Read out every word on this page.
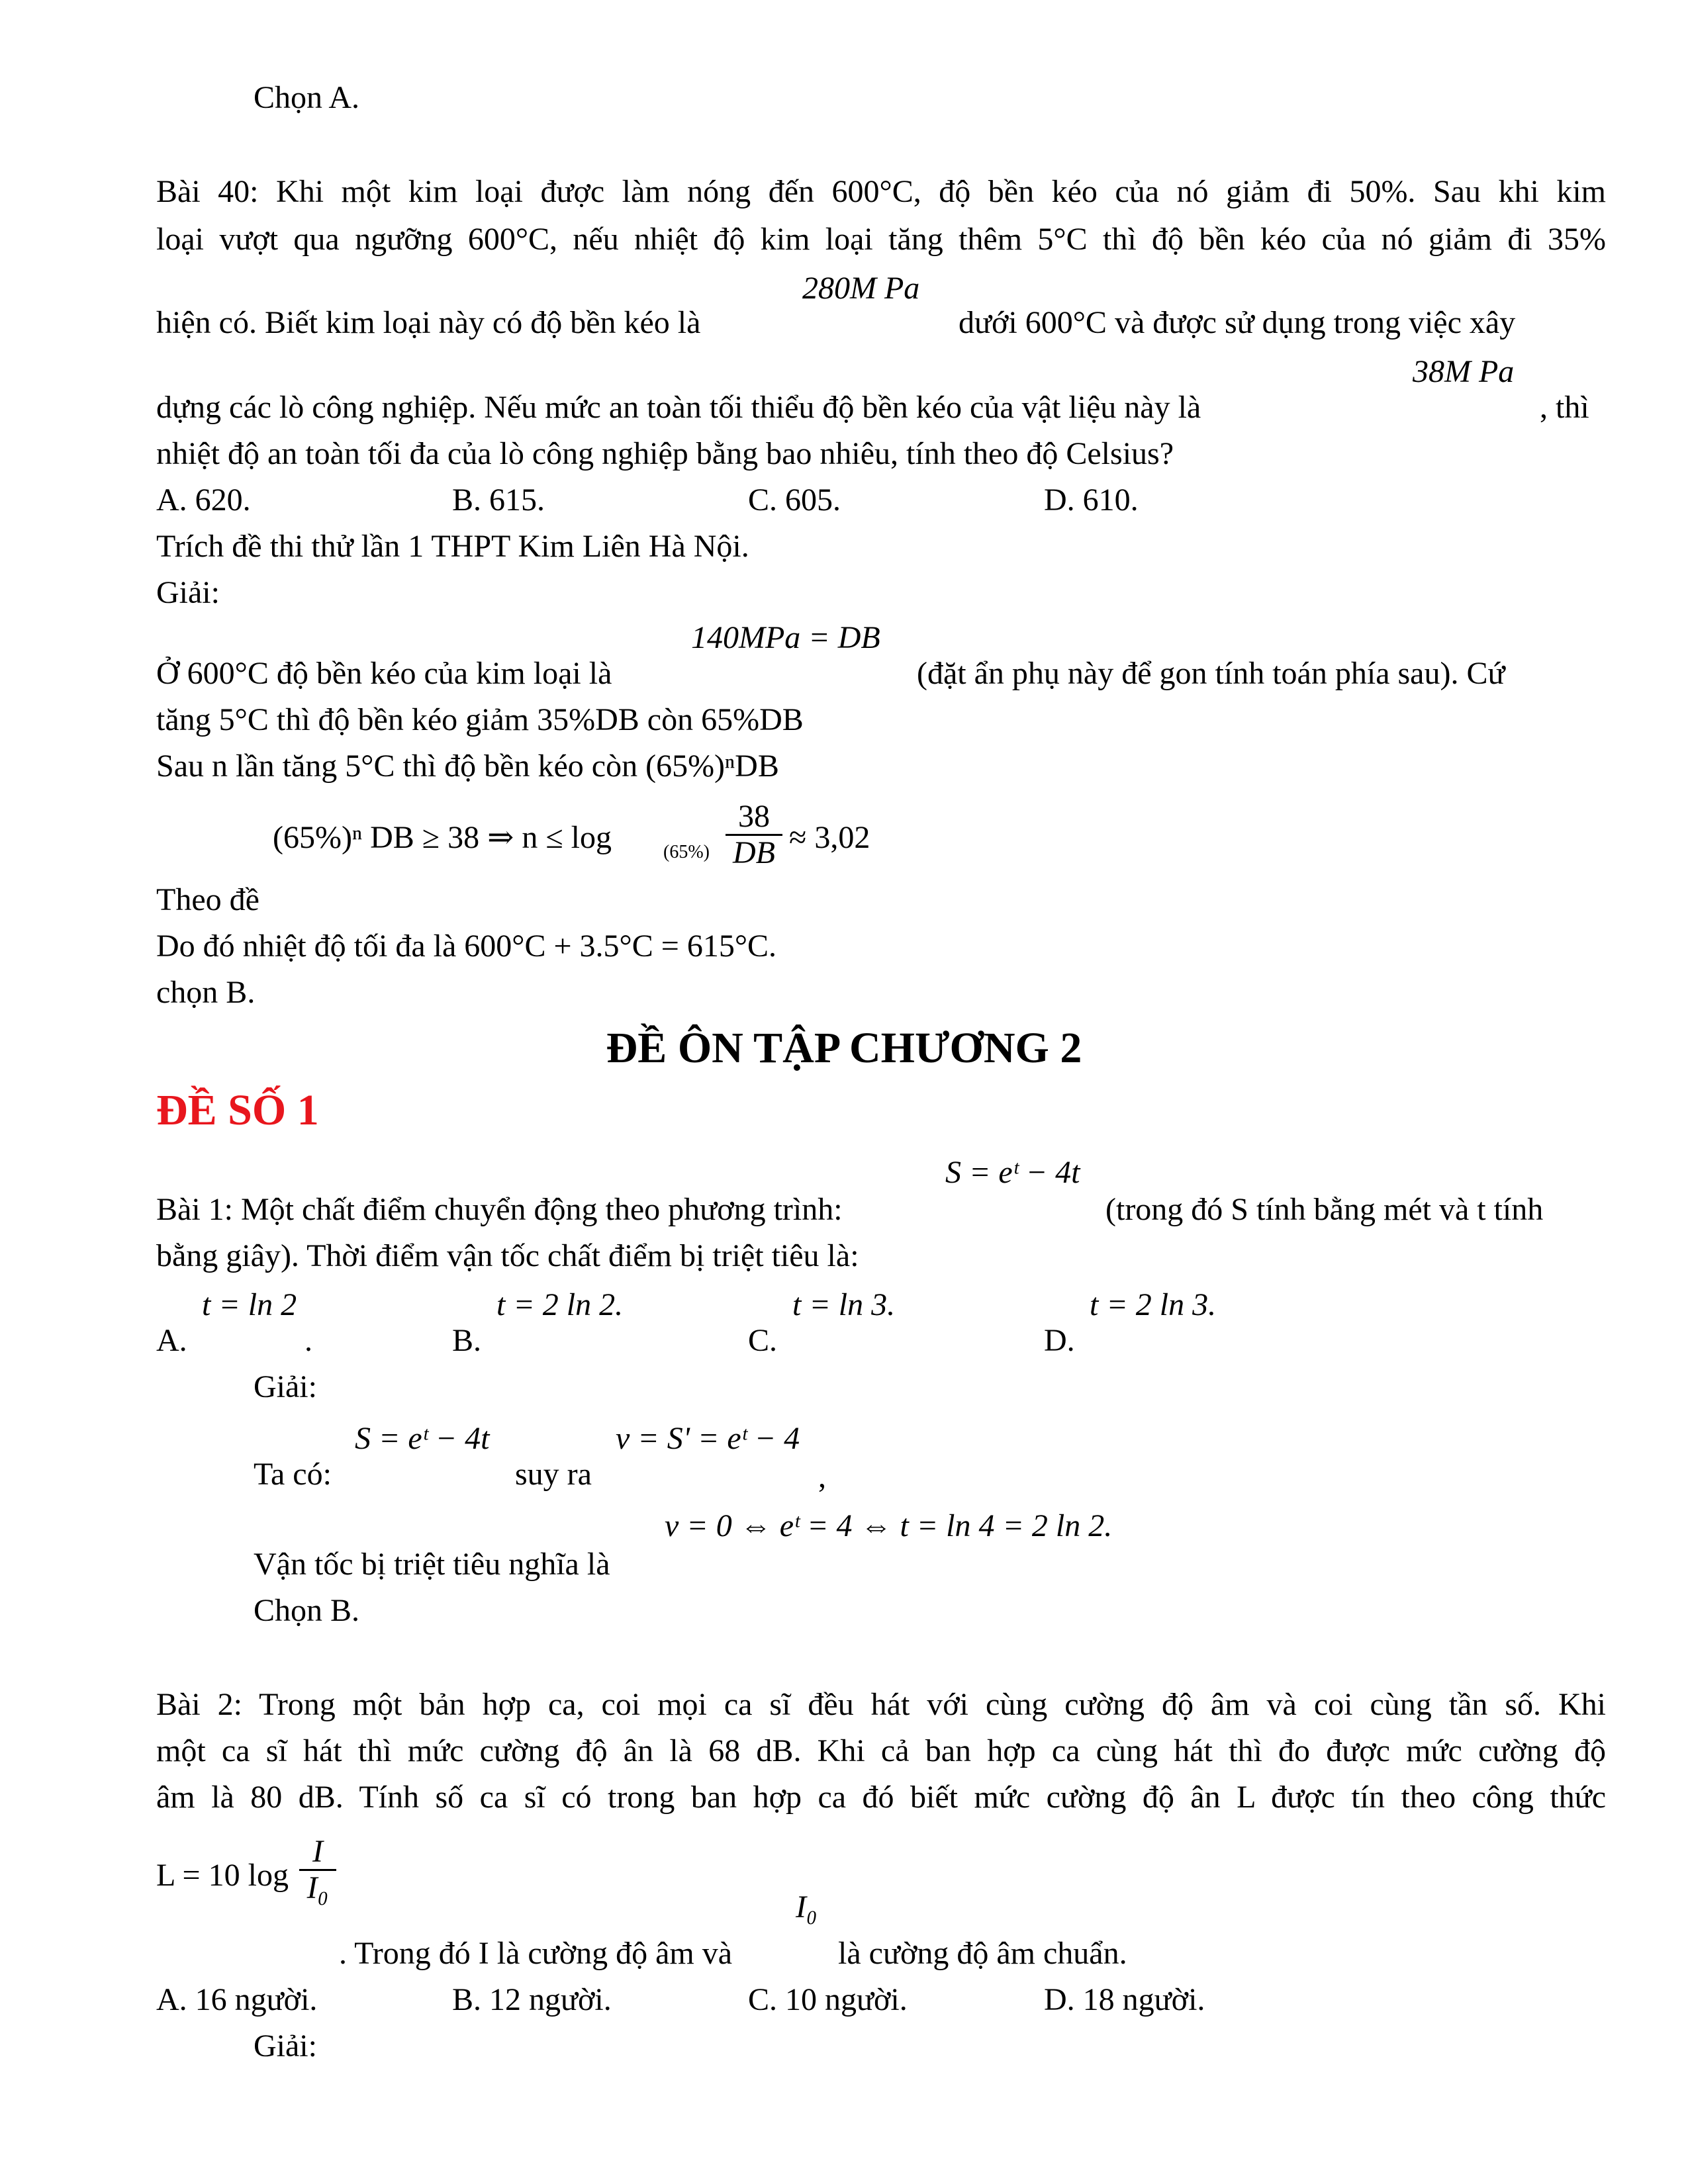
Chọn A.
Bài 40: Khi một kim loại được làm nóng đến 600°C, độ bền kéo của nó giảm đi 50%. Sau khi kim
loại vượt qua ngưỡng 600°C, nếu nhiệt độ kim loại tăng thêm 5°C thì độ bền kéo của nó giảm đi 35%
280M Pa
hiện có. Biết kim loại này có độ bền kéo là	dưới 600°C và được sử dụng trong việc xây
38M Pa
dựng các lò công nghiệp. Nếu mức an toàn tối thiểu độ bền kéo của vật liệu này là	, thì
nhiệt độ an toàn tối đa của lò công nghiệp bằng bao nhiêu, tính theo độ Celsius?
A. 620.	B. 615.	C. 605.	D. 610.
Trích đề thi thử lần 1 THPT Kim Liên Hà Nội.
Giải:
140MPa = DB
Ở 600°C độ bền kéo của kim loại là	(đặt ẩn phụ này để gon tính toán phía sau). Cứ
tăng 5°C thì độ bền kéo giảm 35%DB còn 65%DB
Sau n lần tăng 5°C thì độ bền kéo còn (65%)ⁿDB
(65%)ⁿ DB ≥ 38 ⇒ n ≤ log	$(65\%) \frac{38}{DB} \approx 3,02$
Theo đề
Do đó nhiệt độ tối đa là 600°C + 3.5°C = 615°C.
chọn B.
ĐỀ ÔN TẬP CHƯƠNG 2
ĐỀ SỐ 1
S = eᵗ − 4t
Bài 1: Một chất điểm chuyển động theo phương trình:	(trong đó S tính bằng mét và t tính
bằng giây). Thời điểm vận tốc chất điểm bị triệt tiêu là:
t = ln 2	t = 2 ln 2.	t = ln 3.	t = 2 ln 3.
A.	.	B.	C.	D.
Giải:
S = eᵗ − 4t	v = S' = eᵗ − 4
Ta có:	suy ra	,
v = 0 ⇔ eᵗ = 4 ⇔ t = ln 4 = 2 ln 2.
Vận tốc bị triệt tiêu nghĩa là
Chọn B.
Bài 2: Trong một bản hợp ca, coi mọi ca sĩ đều hát với cùng cường độ âm và coi cùng tần số. Khi
một ca sĩ hát thì mức cường độ ân là 68 dB. Khi cả ban hợp ca cùng hát thì đo được mức cường độ
âm là 80 dB. Tính số ca sĩ có trong ban hợp ca đó biết mức cường độ ân L được tín theo công thức
L = 10 $\log \frac{I}{\text{I₀}}$
I₀
. Trong đó I là cường độ âm và	là cường độ âm chuẩn.
A. 16 người.	B. 12 người.	C. 10 người.	D. 18 người.
Giải:
